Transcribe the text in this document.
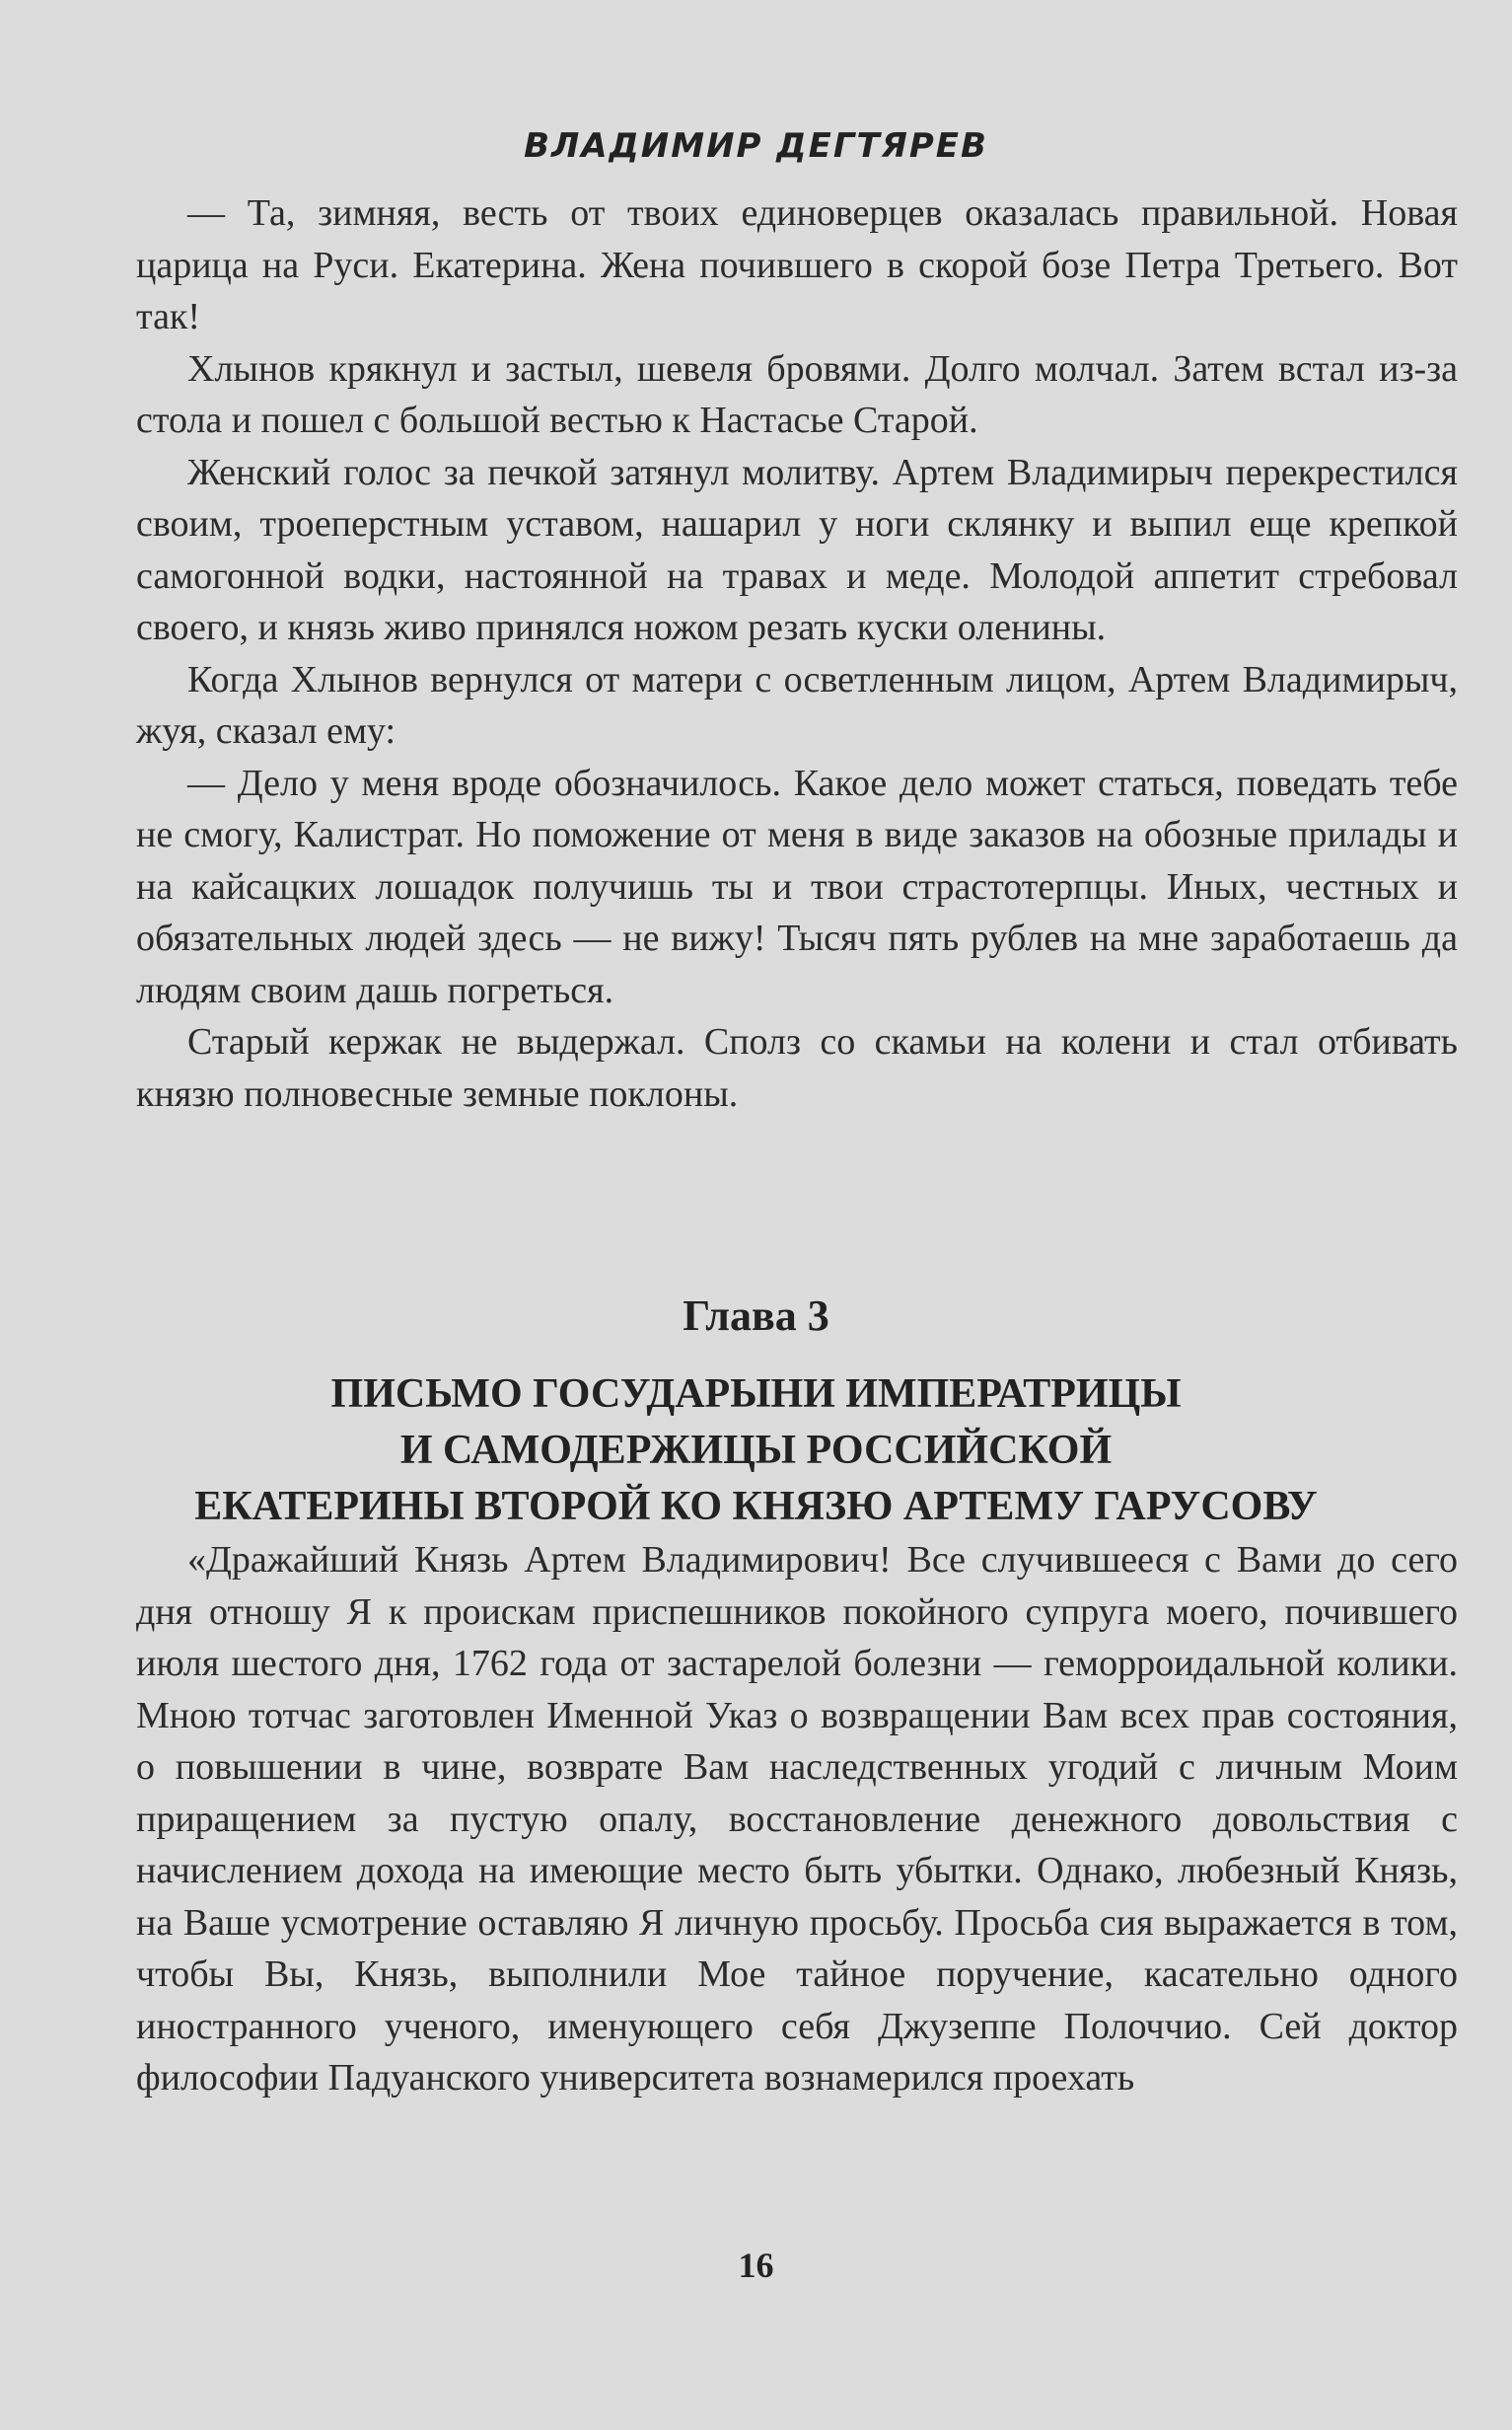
ВЛАДИМИР ДЕГТЯРЕВ

— Та, зимняя, весть от твоих единоверцев оказалась правильной. Новая царица на Руси. Екатерина. Жена почившего в скорой бозе Петра Третьего. Вот так!

Хлынов крякнул и застыл, шевеля бровями. Долго молчал. Затем встал из-за стола и пошел с большой вестью к Настасье Старой.

Женский голос за печкой затянул молитву. Артем Владимирыч перекрестился своим, троеперстным уставом, нашарил у ноги склянку и выпил еще крепкой самогонной водки, настоянной на травах и меде. Молодой аппетит стребовал своего, и князь живо принялся ножом резать куски оленины.

Когда Хлынов вернулся от матери с осветленным лицом, Артем Владимирыч, жуя, сказал ему:

— Дело у меня вроде обозначилось. Какое дело может статься, поведать тебе не смогу, Калистрат. Но поможение от меня в виде заказов на обозные прилады и на кайсацких лошадок получишь ты и твои страстотерпцы. Иных, честных и обязательных людей здесь — не вижу! Тысяч пять рублев на мне заработаешь да людям своим дашь погреться.

Старый кержак не выдержал. Сполз со скамьи на колени и стал отбивать князю полновесные земные поклоны.

Глава 3
ПИСЬМО ГОСУДАРЫНИ ИМПЕРАТРИЦЫ
И САМОДЕРЖИЦЫ РОССИЙСКОЙ
ЕКАТЕРИНЫ ВТОРОЙ КО КНЯЗЮ АРТЕМУ ГАРУСОВУ

«Дражайший Князь Артем Владимирович! Все случившееся с Вами до сего дня отношу Я к проискам приспешников покойного супруга моего, почившего июля шестого дня, 1762 года от застарелой болезни — геморроидальной колики. Мною тотчас заготовлен Именной Указ о возвращении Вам всех прав состояния, о повышении в чине, возврате Вам наследственных угодий с личным Моим приращением за пустую опалу, восстановление денежного довольствия с начислением дохода на имеющие место быть убытки. Однако, любезный Князь, на Ваше усмотрение оставляю Я личную просьбу. Просьба сия выражается в том, чтобы Вы, Князь, выполнили Мое тайное поручение, касательно одного иностранного ученого, именующего себя Джузеппе Полоччио. Сей доктор философии Падуанского университета вознамерился проехать

16
